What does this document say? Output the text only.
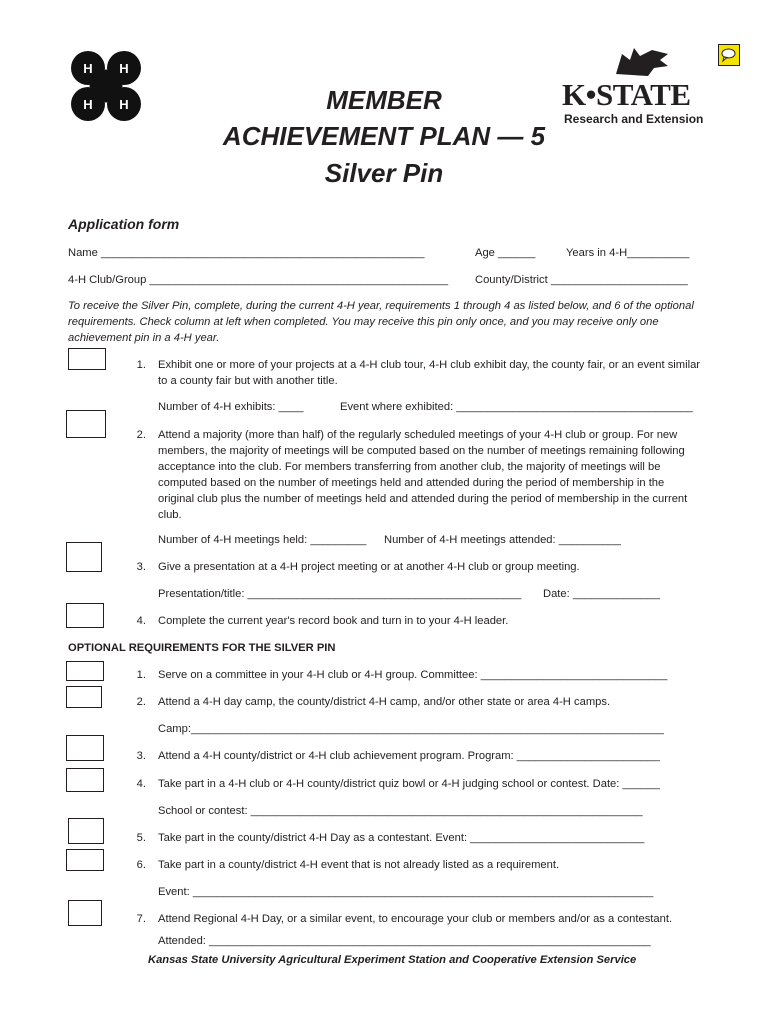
H H
H H	K•STATE
Research and Extension
MEMBER
ACHIEVEMENT PLAN — 5
Silver Pin
Application form
Name ____________________________________________________	Age ______	Years in 4-H__________
4-H Club/Group ________________________________________________ County/District ______________________
To receive the Silver Pin, complete, during the current 4-H year, requirements 1 through 4 as listed below, and 6 of the optional requirements. Check column at left when completed. You may receive this pin only once, and you may receive only one achievement pin in a 4-H year.
1. Exhibit one or more of your projects at a 4-H club tour, 4-H club exhibit day, the county fair, or an event similar to a county fair but with another title.
Number of 4-H exhibits: ____	Event where exhibited: ______________________________________
2. Attend a majority (more than half) of the regularly scheduled meetings of your 4-H club or group. For new members, the majority of meetings will be computed based on the number of meetings remaining following acceptance into the club. For members transferring from another club, the majority of meetings will be computed based on the number of meetings held and attended during the period of membership in the original club plus the number of meetings held and attended during the period of membership in the current club.
Number of 4-H meetings held: _________ Number of 4-H meetings attended: __________
3. Give a presentation at a 4-H project meeting or at another 4-H club or group meeting.
Presentation/title: ____________________________________________ Date: ______________
4. Complete the current year's record book and turn in to your 4-H leader.
OPTIONAL REQUIREMENTS FOR THE SILVER PIN
1. Serve on a committee in your 4-H club or 4-H group. Committee: ______________________________
2. Attend a 4-H day camp, the county/district 4-H camp, and/or other state or area 4-H camps.
Camp:____________________________________________________________________________
3. Attend a 4-H county/district or 4-H club achievement program. Program: _______________________
4. Take part in a 4-H club or 4-H county/district quiz bowl or 4-H judging school or contest. Date: ______
School or contest: _______________________________________________________________
5. Take part in the county/district 4-H Day as a contestant. Event: ____________________________
6. Take part in a county/district 4-H event that is not already listed as a requirement.
Event: __________________________________________________________________________
7. Attend Regional 4-H Day, or a similar event, to encourage your club or members and/or as a contestant.
Attended: _______________________________________________________________________
Kansas State University Agricultural Experiment Station and Cooperative Extension Service
